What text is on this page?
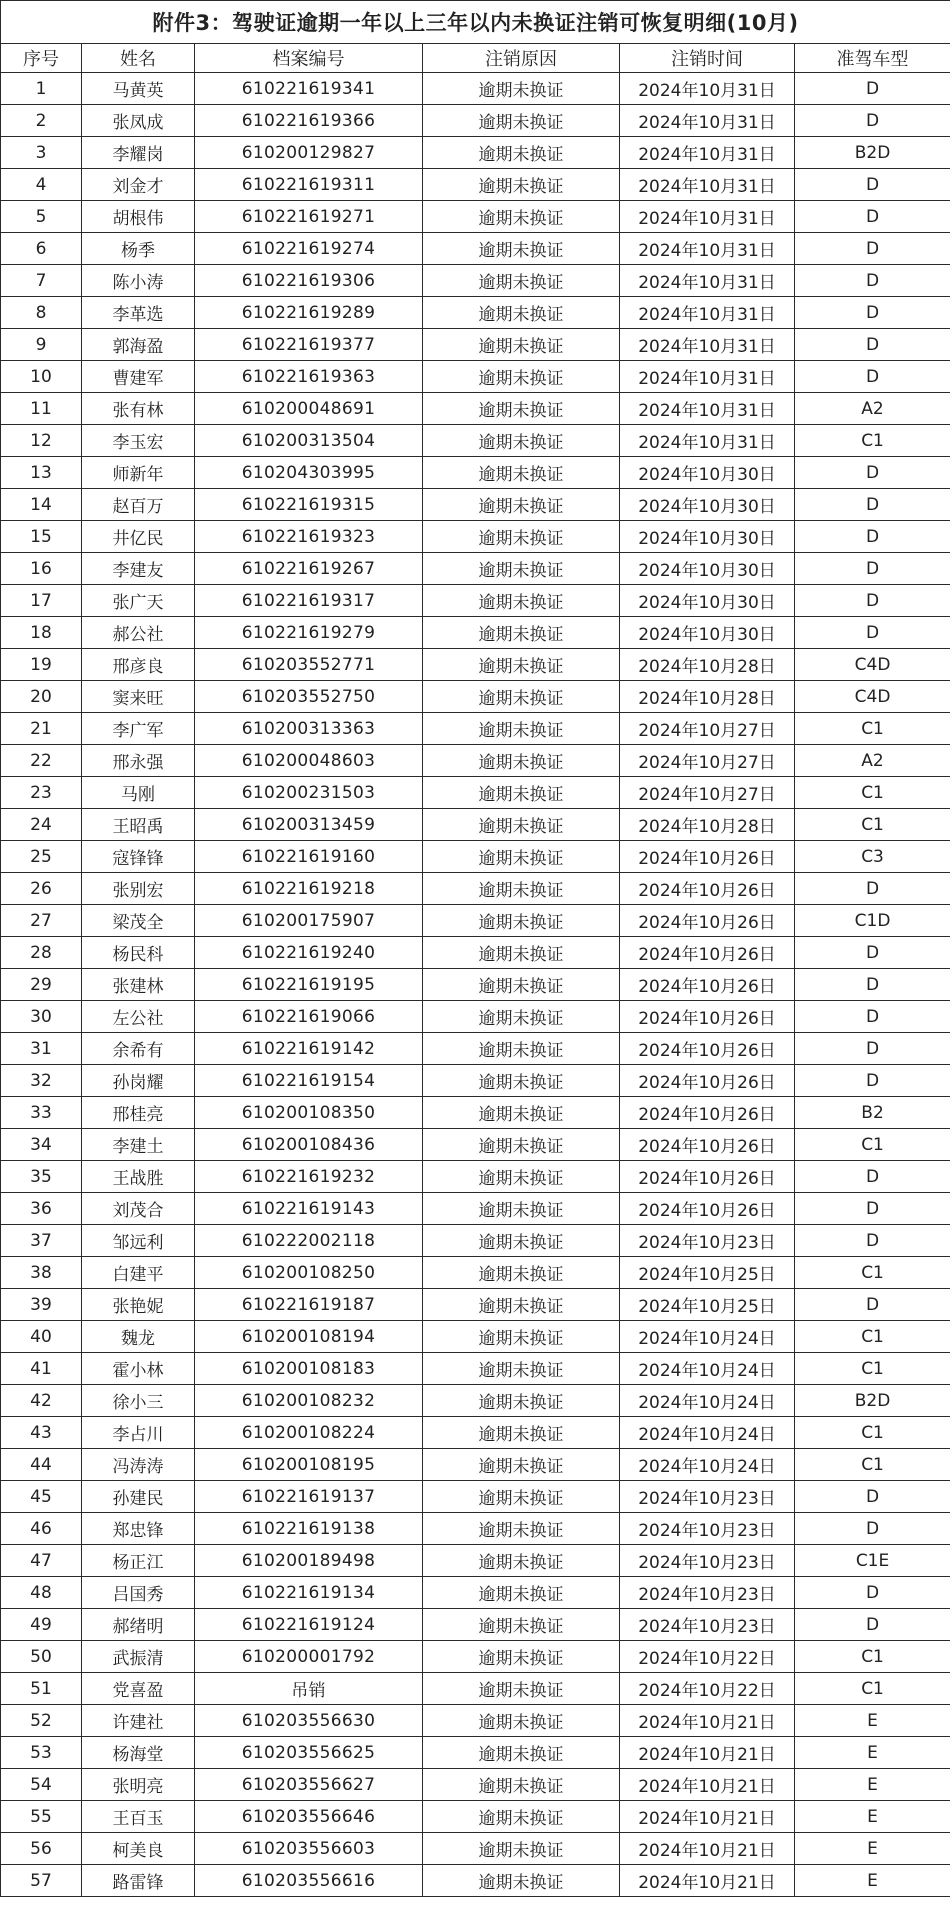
附件3：驾驶证逾期一年以上三年以内未换证注销可恢复明细(10月)					
序号	姓名	档案编号	注销原因	注销时间	准驾车型
1	马黄英	610221619341	逾期未换证	2024年10月31日	D
2	张凤成	610221619366	逾期未换证	2024年10月31日	D
3	李耀岗	610200129827	逾期未换证	2024年10月31日	B2D
4	刘金才	610221619311	逾期未换证	2024年10月31日	D
5	胡根伟	610221619271	逾期未换证	2024年10月31日	D
6	杨季	610221619274	逾期未换证	2024年10月31日	D
7	陈小涛	610221619306	逾期未换证	2024年10月31日	D
8	李革选	610221619289	逾期未换证	2024年10月31日	D
9	郭海盈	610221619377	逾期未换证	2024年10月31日	D
10	曹建军	610221619363	逾期未换证	2024年10月31日	D
11	张有林	610200048691	逾期未换证	2024年10月31日	A2
12	李玉宏	610200313504	逾期未换证	2024年10月31日	C1
13	师新年	610204303995	逾期未换证	2024年10月30日	D
14	赵百万	610221619315	逾期未换证	2024年10月30日	D
15	井亿民	610221619323	逾期未换证	2024年10月30日	D
16	李建友	610221619267	逾期未换证	2024年10月30日	D
17	张广天	610221619317	逾期未换证	2024年10月30日	D
18	郝公社	610221619279	逾期未换证	2024年10月30日	D
19	邢彦良	610203552771	逾期未换证	2024年10月28日	C4D
20	窦来旺	610203552750	逾期未换证	2024年10月28日	C4D
21	李广军	610200313363	逾期未换证	2024年10月27日	C1
22	邢永强	610200048603	逾期未换证	2024年10月27日	A2
23	马刚	610200231503	逾期未换证	2024年10月27日	C1
24	王昭禹	610200313459	逾期未换证	2024年10月28日	C1
25	寇锋锋	610221619160	逾期未换证	2024年10月26日	C3
26	张别宏	610221619218	逾期未换证	2024年10月26日	D
27	梁茂全	610200175907	逾期未换证	2024年10月26日	C1D
28	杨民科	610221619240	逾期未换证	2024年10月26日	D
29	张建林	610221619195	逾期未换证	2024年10月26日	D
30	左公社	610221619066	逾期未换证	2024年10月26日	D
31	余希有	610221619142	逾期未换证	2024年10月26日	D
32	孙岗耀	610221619154	逾期未换证	2024年10月26日	D
33	邢桂亮	610200108350	逾期未换证	2024年10月26日	B2
34	李建土	610200108436	逾期未换证	2024年10月26日	C1
35	王战胜	610221619232	逾期未换证	2024年10月26日	D
36	刘茂合	610221619143	逾期未换证	2024年10月26日	D
37	邹远利	610222002118	逾期未换证	2024年10月23日	D
38	白建平	610200108250	逾期未换证	2024年10月25日	C1
39	张艳妮	610221619187	逾期未换证	2024年10月25日	D
40	魏龙	610200108194	逾期未换证	2024年10月24日	C1
41	霍小林	610200108183	逾期未换证	2024年10月24日	C1
42	徐小三	610200108232	逾期未换证	2024年10月24日	B2D
43	李占川	610200108224	逾期未换证	2024年10月24日	C1
44	冯涛涛	610200108195	逾期未换证	2024年10月24日	C1
45	孙建民	610221619137	逾期未换证	2024年10月23日	D
46	郑忠锋	610221619138	逾期未换证	2024年10月23日	D
47	杨正江	610200189498	逾期未换证	2024年10月23日	C1E
48	吕国秀	610221619134	逾期未换证	2024年10月23日	D
49	郝绪明	610221619124	逾期未换证	2024年10月23日	D
50	武振清	610200001792	逾期未换证	2024年10月22日	C1
51	党喜盈	吊销	逾期未换证	2024年10月22日	C1
52	许建社	610203556630	逾期未换证	2024年10月21日	E
53	杨海堂	610203556625	逾期未换证	2024年10月21日	E
54	张明亮	610203556627	逾期未换证	2024年10月21日	E
55	王百玉	610203556646	逾期未换证	2024年10月21日	E
56	柯美良	610203556603	逾期未换证	2024年10月21日	E
57	路雷锋	610203556616	逾期未换证	2024年10月21日	E
